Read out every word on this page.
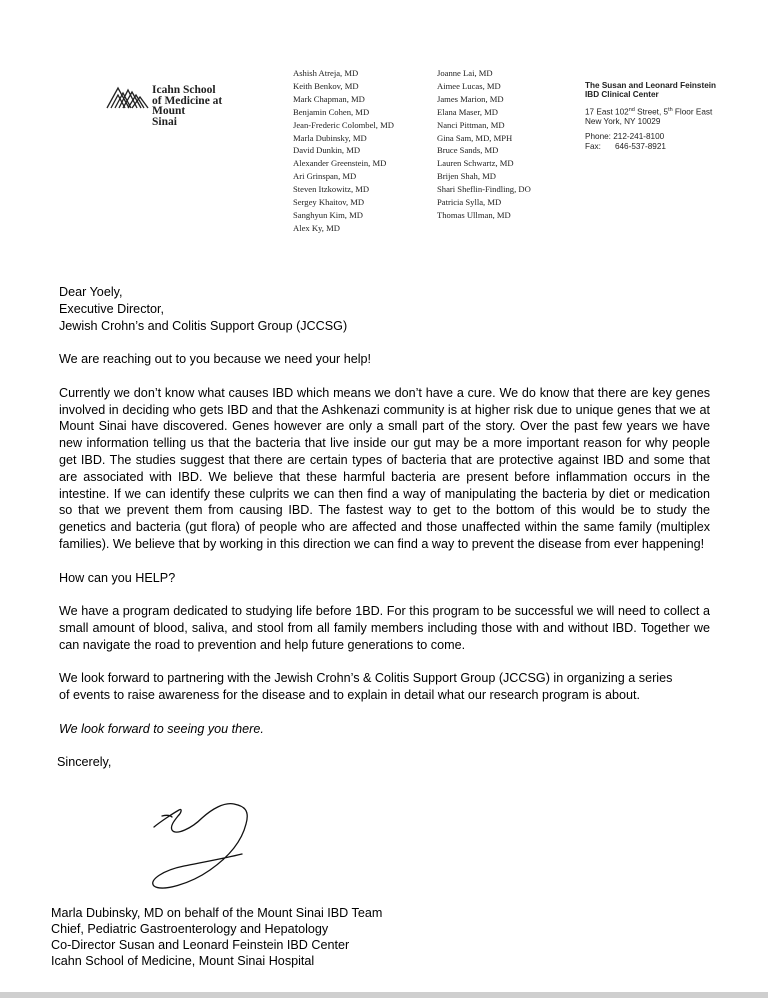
Icahn School
of Medicine at
Mount
Sinai
Ashish Atreja, MD
Keith Benkov, MD
Mark Chapman, MD
Benjamin Cohen, MD
Jean-Frederic Colombel, MD
Marla Dubinsky, MD
David Dunkin, MD
Alexander Greenstein, MD
Ari Grinspan, MD
Steven Itzkowitz, MD
Sergey Khaitov, MD
Sanghyun Kim, MD
Alex Ky, MD
Joanne Lai, MD
Aimee Lucas, MD
James Marion, MD
Elana Maser, MD
Nanci Pittman, MD
Gina Sam, MD, MPH
Bruce Sands, MD
Lauren Schwartz, MD
Brijen Shah, MD
Shari Sheflin-Findling, DO
Patricia Sylla, MD
Thomas Ullman, MD
The Susan and Leonard Feinstein
IBD Clinical Center
17 East 102nd Street, 5th Floor East
New York, NY 10029
Phone: 212-241-8100
Fax: 646-537-8921

Dear Yoely,

Executive Director,

Jewish Crohn’s and Colitis Support Group (JCCSG)

We are reaching out to you because we need your help!

Currently we don’t know what causes IBD which means we don’t have a cure. We do know that there are key genes involved in deciding who gets IBD and that the Ashkenazi community is at higher risk due to unique genes that we at Mount Sinai have discovered. Genes however are only a small part of the story. Over the past few years we have new information telling us that the bacteria that live inside our gut may be a more important reason for why people get IBD. The studies suggest that there are certain types of bacteria that are protective against IBD and some that are associated with IBD. We believe that these harmful bacteria are present before inflammation occurs in the intestine. If we can identify these culprits we can then find a way of manipulating the bacteria by diet or medication so that we prevent them from causing IBD. The fastest way to get to the bottom of this would be to study the genetics and bacteria (gut flora) of people who are affected and those unaffected within the same family (multiplex families). We believe that by working in this direction we can find a way to prevent the disease from ever happening!

How can you HELP?

We have a program dedicated to studying life before 1BD. For this program to be successful we will need to collect a small amount of blood, saliva, and stool from all family members including those with and without IBD. Together we can navigate the road to prevention and help future generations to come.

We look forward to partnering with the Jewish Crohn’s & Colitis Support Group (JCCSG) in organizing a series

of events to raise awareness for the disease and to explain in detail what our research program is about.

We look forward to seeing you there.

Sincerely,

Marla Dubinsky, MD on behalf of the Mount Sinai IBD Team
Chief, Pediatric Gastroenterology and Hepatology
Co-Director Susan and Leonard Feinstein IBD Center
Icahn School of Medicine, Mount Sinai Hospital
